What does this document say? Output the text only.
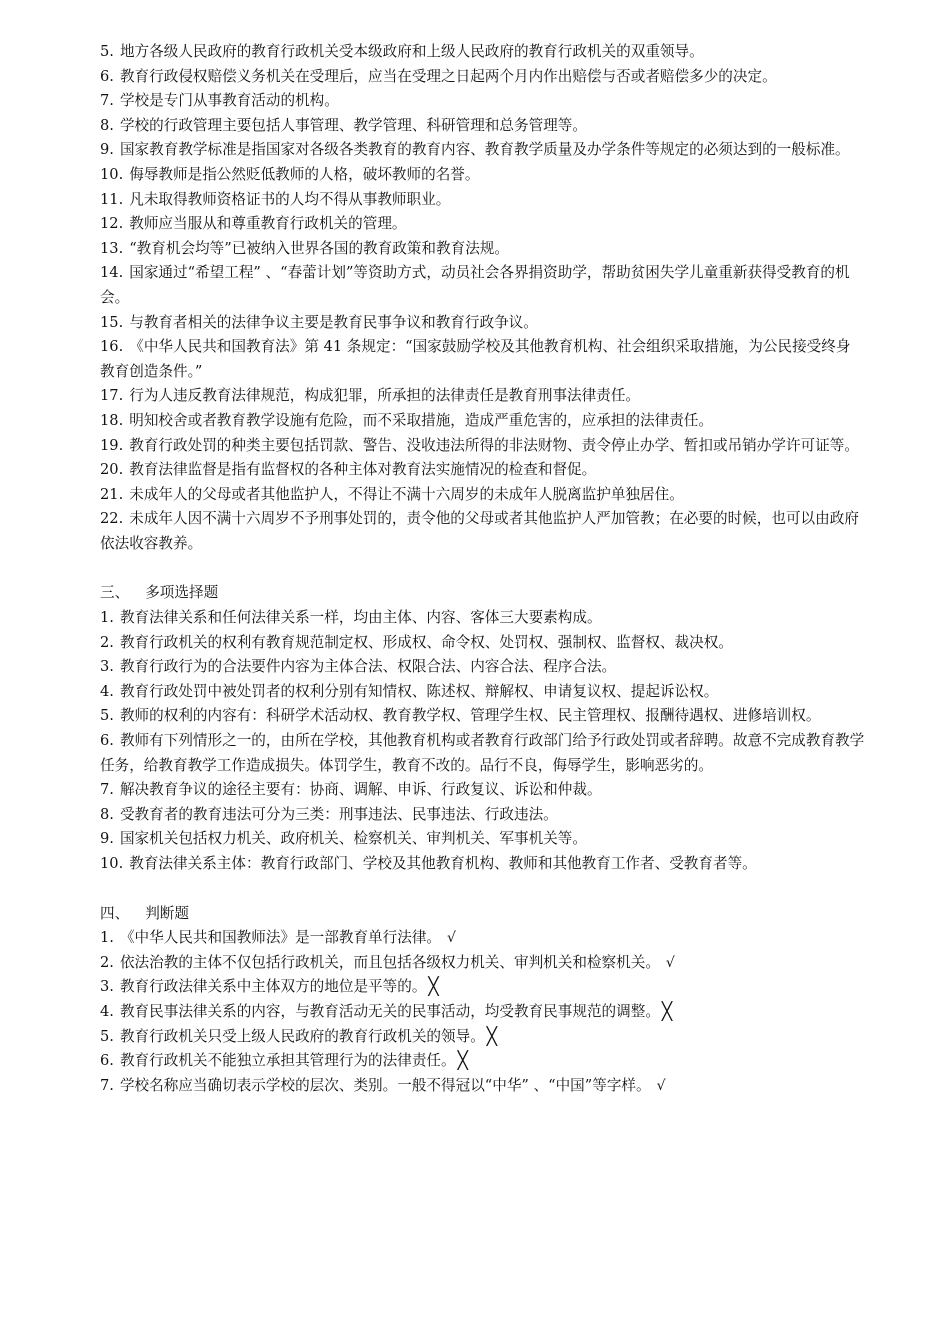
5. 地方各级人民政府的教育行政机关受本级政府和上级人民政府的教育行政机关的双重领导。

6. 教育行政侵权赔偿义务机关在受理后，应当在受理之日起两个月内作出赔偿与否或者赔偿多少的决定。

7. 学校是专门从事教育活动的机构。

8. 学校的行政管理主要包括人事管理、教学管理、科研管理和总务管理等。

9. 国家教育教学标准是指国家对各级各类教育的教育内容、教育教学质量及办学条件等规定的必须达到的一般标准。

10. 侮辱教师是指公然贬低教师的人格，破坏教师的名誉。

11. 凡未取得教师资格证书的人均不得从事教师职业。

12. 教师应当服从和尊重教育行政机关的管理。

13. “教育机会均等”已被纳入世界各国的教育政策和教育法规。

14. 国家通过“希望工程” 、“春蕾计划”等资助方式，动员社会各界捐资助学，帮助贫困失学儿童重新获得受教育的机会。

15. 与教育者相关的法律争议主要是教育民事争议和教育行政争议。

16. 《中华人民共和国教育法》第 41 条规定：“国家鼓励学校及其他教育机构、社会组织采取措施，为公民接受终身教育创造条件。”

17. 行为人违反教育法律规范，构成犯罪，所承担的法律责任是教育刑事法律责任。

18. 明知校舍或者教育教学设施有危险，而不采取措施，造成严重危害的，应承担的法律责任。

19. 教育行政处罚的种类主要包括罚款、警告、没收违法所得的非法财物、责令停止办学、暂扣或吊销办学许可证等。

20. 教育法律监督是指有监督权的各种主体对教育法实施情况的检查和督促。

21. 未成年人的父母或者其他监护人，不得让不满十六周岁的未成年人脱离监护单独居住。

22. 未成年人因不满十六周岁不予刑事处罚的，责令他的父母或者其他监护人严加管教；在必要的时候，也可以由政府依法收容教养。

三、 多项选择题

1. 教育法律关系和任何法律关系一样，均由主体、内容、客体三大要素构成。

2. 教育行政机关的权利有教育规范制定权、形成权、命令权、处罚权、强制权、监督权、裁决权。

3. 教育行政行为的合法要件内容为主体合法、权限合法、内容合法、程序合法。

4. 教育行政处罚中被处罚者的权利分别有知情权、陈述权、辩解权、申请复议权、提起诉讼权。

5. 教师的权利的内容有：科研学术活动权、教育教学权、管理学生权、民主管理权、报酬待遇权、进修培训权。

6. 教师有下列情形之一的，由所在学校，其他教育机构或者教育行政部门给予行政处罚或者辞聘。故意不完成教育教学任务，给教育教学工作造成损失。体罚学生，教育不改的。品行不良，侮辱学生，影响恶劣的。

7. 解决教育争议的途径主要有：协商、调解、申诉、行政复议、诉讼和仲裁。

8. 受教育者的教育违法可分为三类：刑事违法、民事违法、行政违法。

9. 国家机关包括权力机关、政府机关、检察机关、审判机关、军事机关等。

10. 教育法律关系主体：教育行政部门、学校及其他教育机构、教师和其他教育工作者、受教育者等。

四、 判断题

1. 《中华人民共和国教师法》是一部教育单行法律。 √

2. 依法治教的主体不仅包括行政机关，而且包括各级权力机关、审判机关和检察机关。 √

3. 教育行政法律关系中主体双方的地位是平等的。 ╳

4. 教育民事法律关系的内容，与教育活动无关的民事活动，均受教育民事规范的调整。 ╳

5. 教育行政机关只受上级人民政府的教育行政机关的领导。 ╳

6. 教育行政机关不能独立承担其管理行为的法律责任。 ╳

7. 学校名称应当确切表示学校的层次、类别。一般不得冠以“中华” 、“中国”等字样。 √
